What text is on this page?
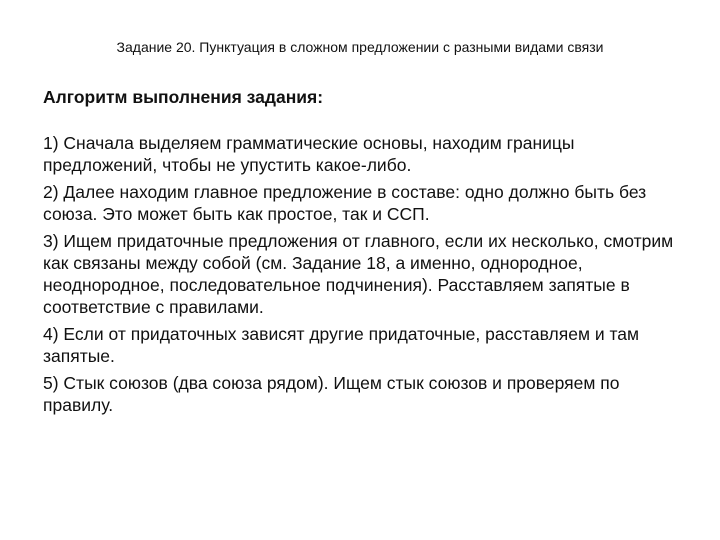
Задание 20. Пунктуация в сложном предложении с разными видами связи
Алгоритм выполнения задания:
1) Сначала выделяем грамматические основы, находим границы предложений, чтобы не упустить какое-либо.
2) Далее находим главное предложение в составе: одно должно быть без союза. Это может быть как простое, так и ССП.
3) Ищем придаточные предложения от главного, если их несколько, смотрим как связаны между собой (см. Задание 18, а именно, однородное, неоднородное, последовательное подчинения). Расставляем запятые в соответствие с правилами.
4) Если от придаточных зависят другие придаточные, расставляем и там запятые.
5) Стык союзов (два союза рядом). Ищем стык союзов и проверяем по правилу.
